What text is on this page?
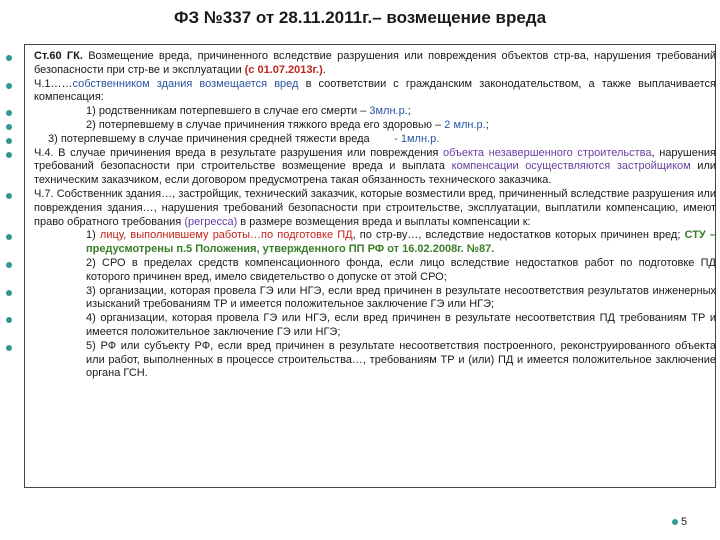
ФЗ №337 от 28.11.2011г.– возмещение вреда
Ст.60 ГК. Возмещение вреда, причиненного вследствие разрушения или повреждения объектов стр-ва, нарушения требований безопасности при стр-ве и эксплуатации (с 01.07.2013г.).
Ч.1……собственником здания возмещается вред в соответствии с гражданским законодательством, а также выплачивается компенсация:
1) родственникам потерпевшего в случае его смерти – 3млн.р.;
2) потерпевшему в случае причинения тяжкого вреда его здоровью – 2 млн.р.;
3) потерпевшему в случае причинения средней тяжести вреда - 1млн.р.
Ч.4. В случае причинения вреда в результате разрушения или повреждения объекта незавершенного строительства, нарушения требований безопасности при строительстве возмещение вреда и выплата компенсации осуществляются застройщиком или техническим заказчиком, если договором предусмотрена такая обязанность технического заказчика.
Ч.7. Собственник здания…, застройщик, технический заказчик, которые возместили вред, причиненный вследствие разрушения или повреждения здания…, нарушения требований безопасности при строительстве, эксплуатации, выплатили компенсацию, имеют право обратного требования (регресса) в размере возмещения вреда и выплаты компенсации к:
1) лицу, выполнившему работы…по подготовке ПД, по стр-ву…, вследствие недостатков которых причинен вред; СТУ – предусмотрены п.5 Положения, утвержденного ПП РФ от 16.02.2008г. №87.
2) СРО в пределах средств компенсационного фонда, если лицо вследствие недостатков работ по подготовке ПД которого причинен вред, имело свидетельство о допуске от этой СРО;
3) организации, которая провела ГЭ или НГЭ, если вред причинен в результате несоответствия результатов инженерных изысканий требованиям ТР и имеется положительное заключение ГЭ или НГЭ;
4) организации, которая провела ГЭ или НГЭ, если вред причинен в результате несоответствия ПД требованиям ТР и имеется положительное заключение ГЭ или НГЭ;
5) РФ или субъекту РФ, если вред причинен в результате несоответствия построенного, реконструированного объекта или работ, выполненных в процессе строительства…, требованиям ТР и (или) ПД и имеется положительное заключение органа ГСН.
5
